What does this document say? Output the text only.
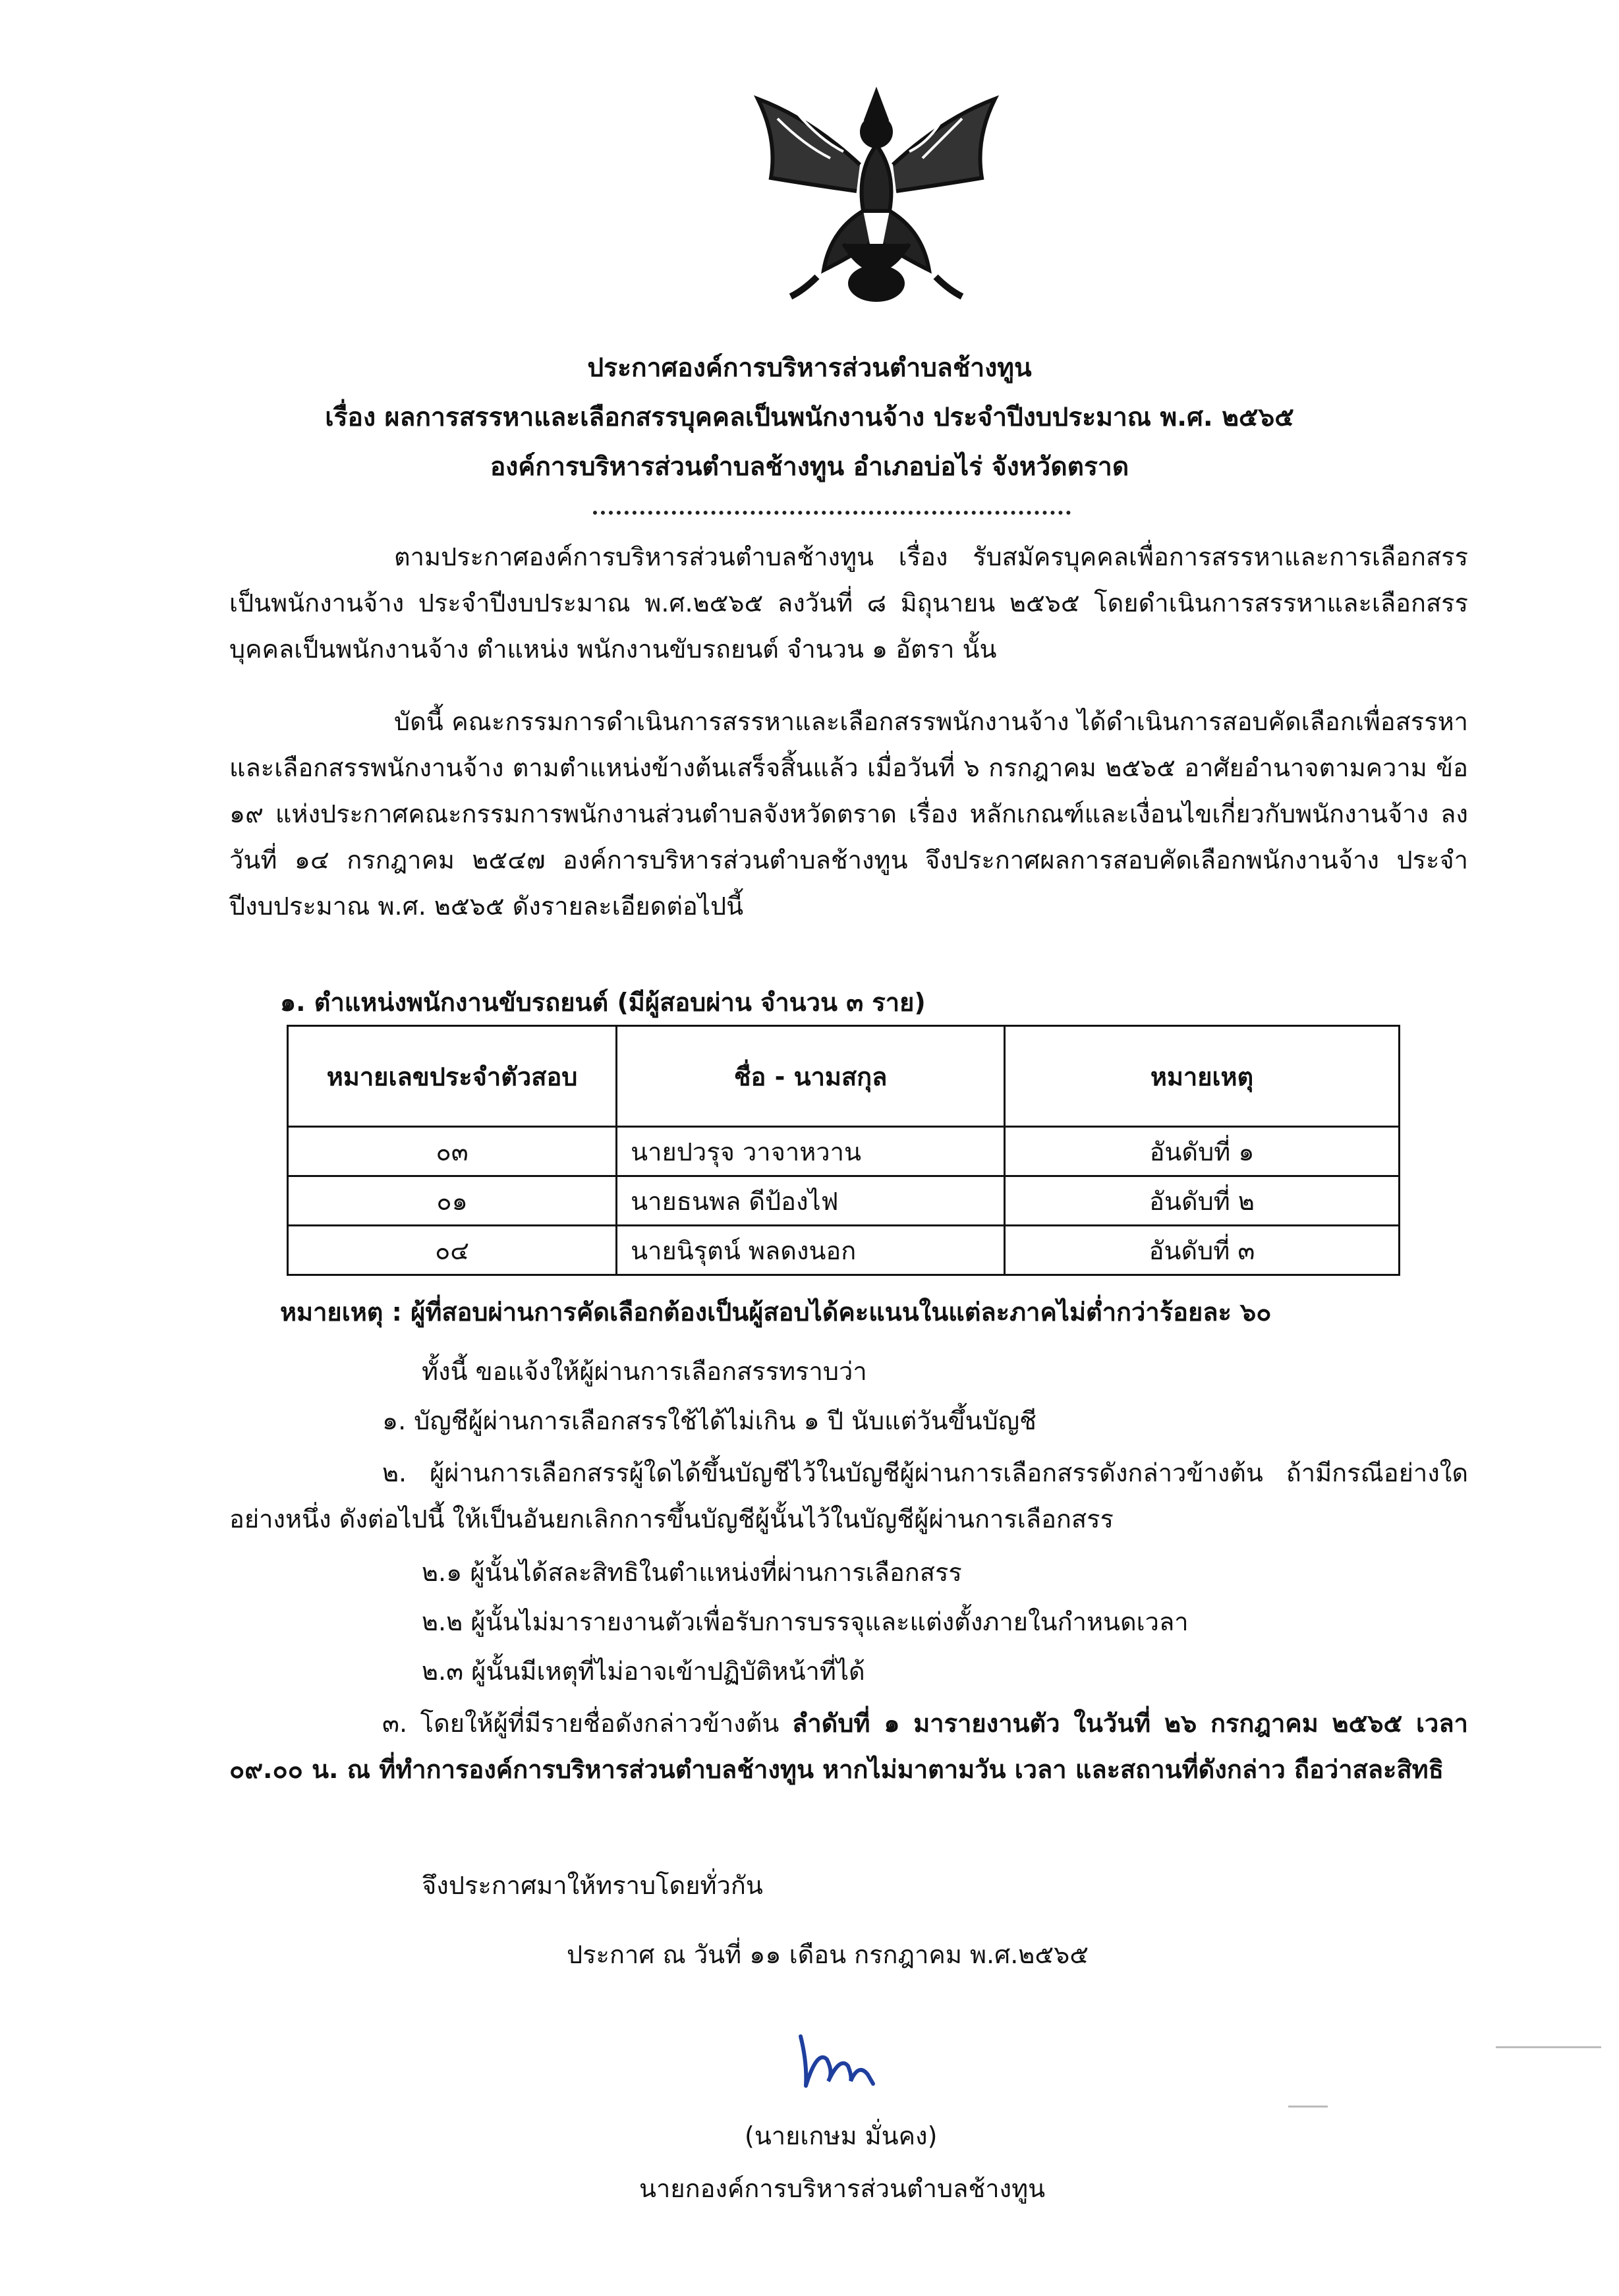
ประกาศองค์การบริหารส่วนตำบลช้างทูน
เรื่อง ผลการสรรหาและเลือกสรรบุคคลเป็นพนักงานจ้าง ประจำปีงบประมาณ พ.ศ. ๒๕๖๕
องค์การบริหารส่วนตำบลช้างทูน อำเภอบ่อไร่ จังหวัดตราด

ตามประกาศองค์การบริหารส่วนตำบลช้างทูน เรื่อง รับสมัครบุคคลเพื่อการสรรหาและการเลือกสรรเป็นพนักงานจ้าง ประจำปีงบประมาณ พ.ศ.๒๕๖๕ ลงวันที่ ๘ มิถุนายน ๒๕๖๕ โดยดำเนินการสรรหาและเลือกสรรบุคคลเป็นพนักงานจ้าง ตำแหน่ง พนักงานขับรถยนต์ จำนวน ๑ อัตรา นั้น

บัดนี้ คณะกรรมการดำเนินการสรรหาและเลือกสรรพนักงานจ้าง ได้ดำเนินการสอบคัดเลือกเพื่อสรรหาและเลือกสรรพนักงานจ้าง ตามตำแหน่งข้างต้นเสร็จสิ้นแล้ว เมื่อวันที่ ๖ กรกฎาคม ๒๕๖๕ อาศัยอำนาจตามความ ข้อ ๑๙ แห่งประกาศคณะกรรมการพนักงานส่วนตำบลจังหวัดตราด เรื่อง หลักเกณฑ์และเงื่อนไขเกี่ยวกับพนักงานจ้าง ลงวันที่ ๑๔ กรกฎาคม ๒๕๔๗ องค์การบริหารส่วนตำบลช้างทูน จึงประกาศผลการสอบคัดเลือกพนักงานจ้าง ประจำปีงบประมาณ พ.ศ. ๒๕๖๕ ดังรายละเอียดต่อไปนี้

๑. ตำแหน่งพนักงานขับรถยนต์ (มีผู้สอบผ่าน จำนวน ๓ ราย)
หมายเลขประจำตัวสอบ	ชื่อ - นามสกุล	หมายเหตุ
๐๓	นายปวรุจ วาจาหวาน	อันดับที่ ๑
๐๑	นายธนพล ดีป้องไฟ	อันดับที่ ๒
๐๔	นายนิรุตน์ พลดงนอก	อันดับที่ ๓
หมายเหตุ : ผู้ที่สอบผ่านการคัดเลือกต้องเป็นผู้สอบได้คะแนนในแต่ละภาคไม่ต่ำกว่าร้อยละ ๖๐
ทั้งนี้ ขอแจ้งให้ผู้ผ่านการเลือกสรรทราบว่า
๑. บัญชีผู้ผ่านการเลือกสรรใช้ได้ไม่เกิน ๑ ปี นับแต่วันขึ้นบัญชี

๒. ผู้ผ่านการเลือกสรรผู้ใดได้ขึ้นบัญชีไว้ในบัญชีผู้ผ่านการเลือกสรรดังกล่าวข้างต้น ถ้ามีกรณีอย่างใดอย่างหนึ่ง ดังต่อไปนี้ ให้เป็นอันยกเลิกการขึ้นบัญชีผู้นั้นไว้ในบัญชีผู้ผ่านการเลือกสรร

๒.๑ ผู้นั้นได้สละสิทธิในตำแหน่งที่ผ่านการเลือกสรร
๒.๒ ผู้นั้นไม่มารายงานตัวเพื่อรับการบรรจุและแต่งตั้งภายในกำหนดเวลา
๒.๓ ผู้นั้นมีเหตุที่ไม่อาจเข้าปฏิบัติหน้าที่ได้

๓. โดยให้ผู้ที่มีรายชื่อดังกล่าวข้างต้น ลำดับที่ ๑ มารายงานตัว ในวันที่ ๒๖ กรกฎาคม ๒๕๖๕ เวลา ๐๙.๐๐ น. ณ ที่ทำการองค์การบริหารส่วนตำบลช้างทูน หากไม่มาตามวัน เวลา และสถานที่ดังกล่าว ถือว่าสละสิทธิ

จึงประกาศมาให้ทราบโดยทั่วกัน
ประกาศ ณ วันที่ ๑๑ เดือน กรกฎาคม พ.ศ.๒๕๖๕
(นายเกษม มั่นคง)
นายกองค์การบริหารส่วนตำบลช้างทูน
